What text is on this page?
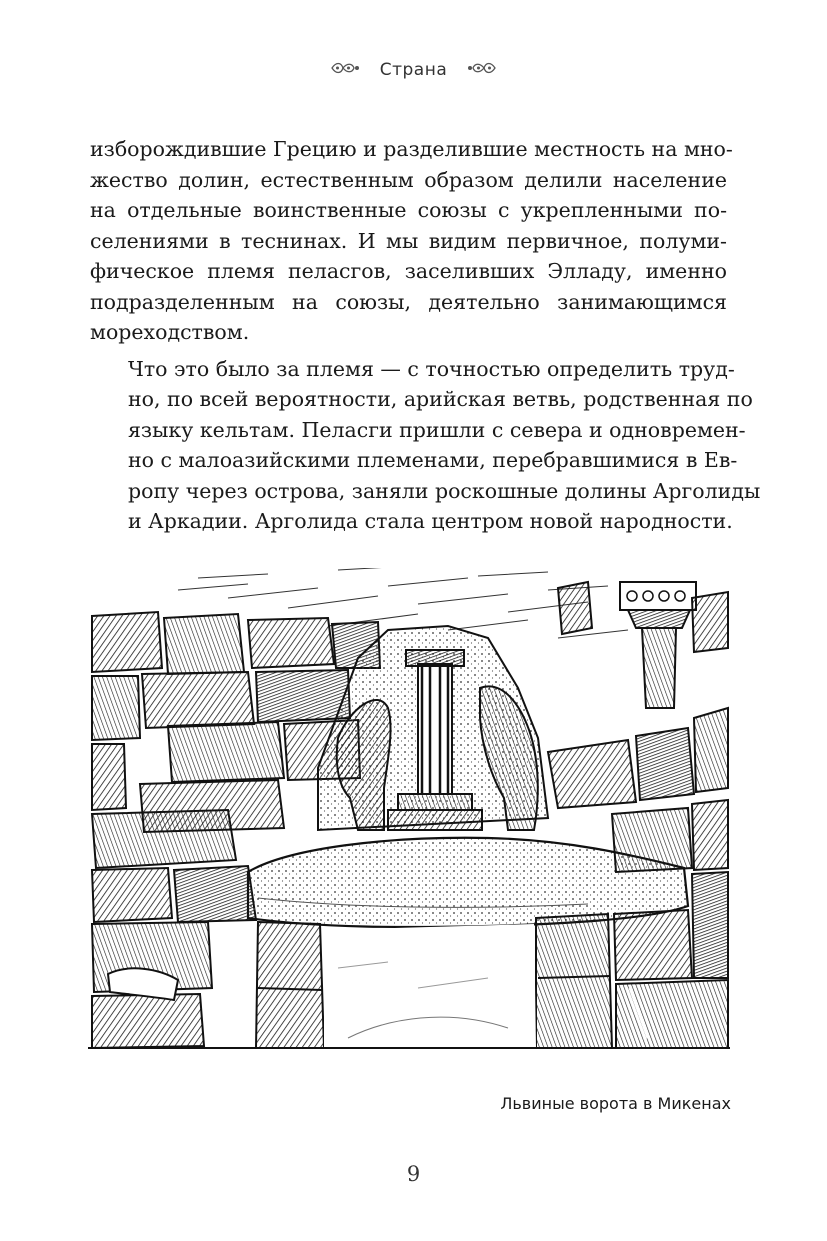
Страна

изборождившие Грецию и разделившие местность на мно-
жество долин, естественным образом делили население
на отдельные воинственные союзы с укрепленными по-
селениями в теснинах. И мы видим первичное, полуми-
фическое племя пеласгов, заселивших Элладу, именно
подразделенным на союзы, деятельно занимающимся
мореходством.

Что это было за племя — с точностью определить труд-
но, по всей вероятности, арийская ветвь, родственная по
языку кельтам. Пеласги пришли с севера и одновремен-
но с малоазийскими племенами, перебравшимися в Ев-
ропу через острова, заняли роскошные долины Арголиды
и Аркадии. Арголида стала центром новой народности.

Львиные ворота в Микенах
9
